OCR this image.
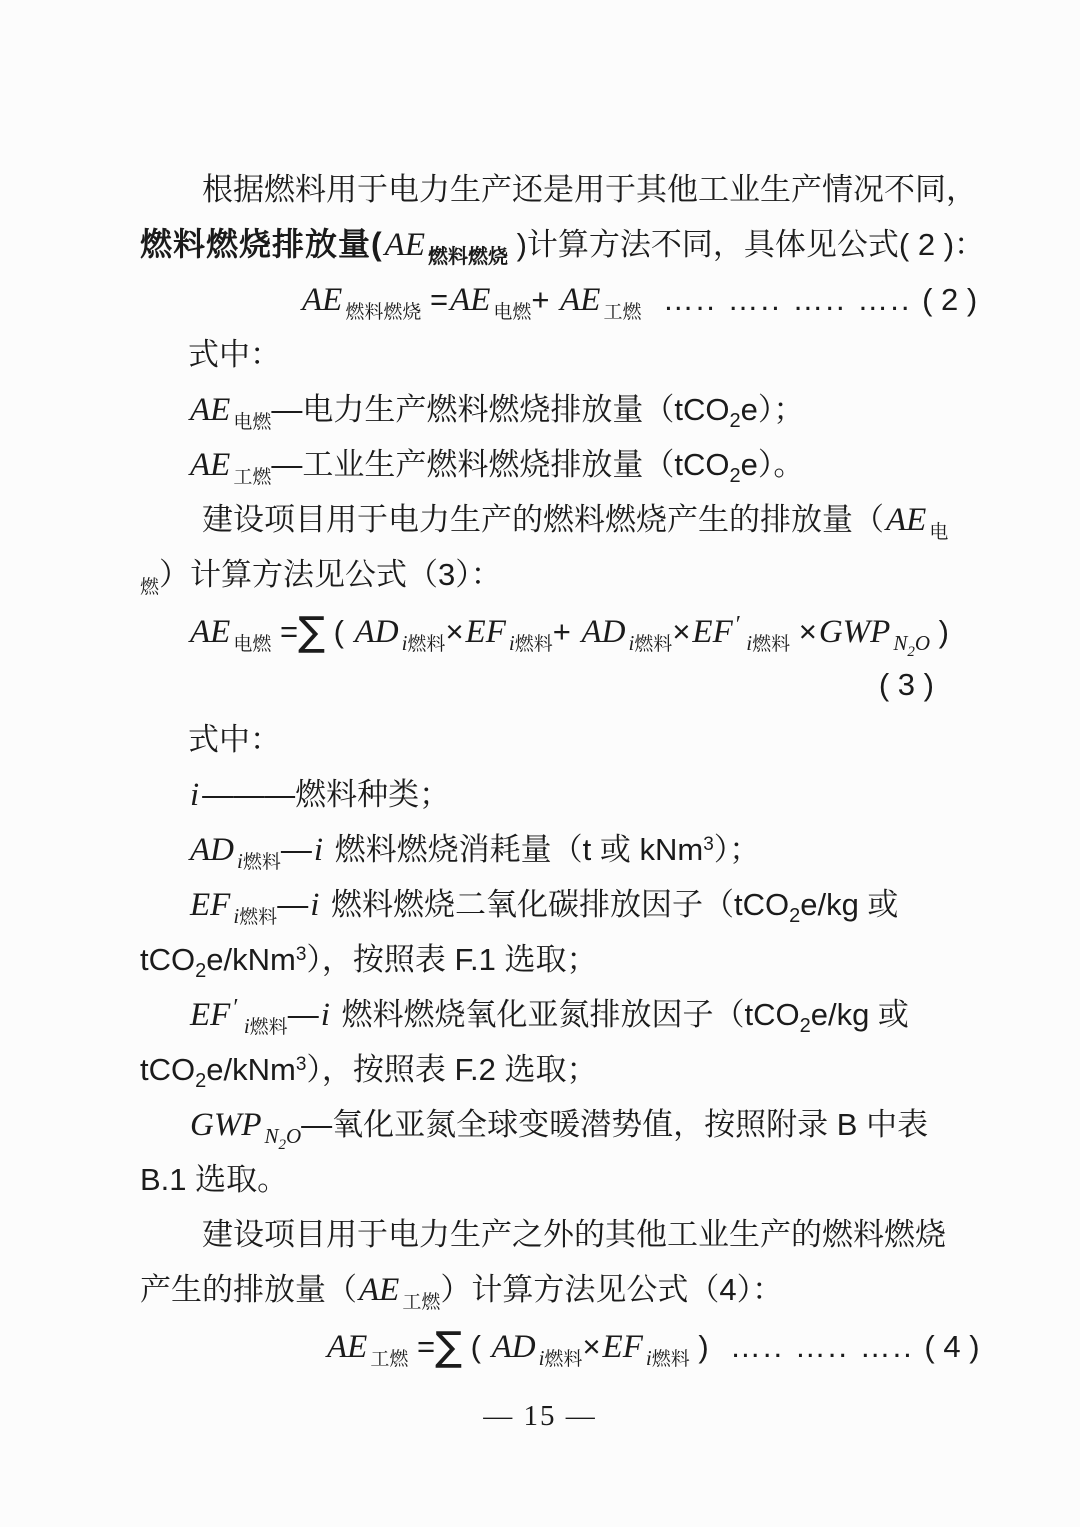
根据燃料用于电力生产还是用于其他工业生产情况不同，
燃料燃烧排放量(AE $_{燃料燃烧}$ )计算方法不同，具体见公式( 2 )：
AE $_{燃料燃烧}$ =AE $_{电燃}$+ AE $_{工燃}$  ….. ….. ….. ….. ( 2 )
式中：
AE $_{电燃}$—电力生产燃料燃烧排放量（tCO$_2$e）；
AE $_{工燃}$—工业生产燃料燃烧排放量（tCO$_2$e）。
建设项目用于电力生产的燃料燃烧产生的排放量（AE $_电$
$_燃$）计算方法见公式（3）：
AE $_{电燃}$ =∑ ( AD $_{i燃料}$×EF $_{i燃料}$+ AD $_{i燃料}$×EF ′ $_{i燃料}$ ×GWP $_{N2O}$ )
( 3 )
式中：
i———燃料种类；
AD $_{i燃料}$—i 燃料燃烧消耗量（t 或 kNm$^3$）；
EF $_{i燃料}$—i 燃料燃烧二氧化碳排放因子（tCO$_2$e/kg 或
tCO$_2$e/kNm$^3$），按照表 F.1 选取；
EF ′ $_{i燃料}$—i 燃料燃烧氧化亚氮排放因子（tCO$_2$e/kg 或
tCO$_2$e/kNm$^3$），按照表 F.2 选取；
GWP $_{N2O}$—氧化亚氮全球变暖潜势值，按照附录 B 中表
B.1 选取。
建设项目用于电力生产之外的其他工业生产的燃料燃烧
产生的排放量（AE $_{工燃}$）计算方法见公式（4）：
AE $_{工燃}$ =∑ ( AD $_{i燃料}$×EF $_{i燃料}$ )  ….. ….. ….. ( 4 )
— 15 —
